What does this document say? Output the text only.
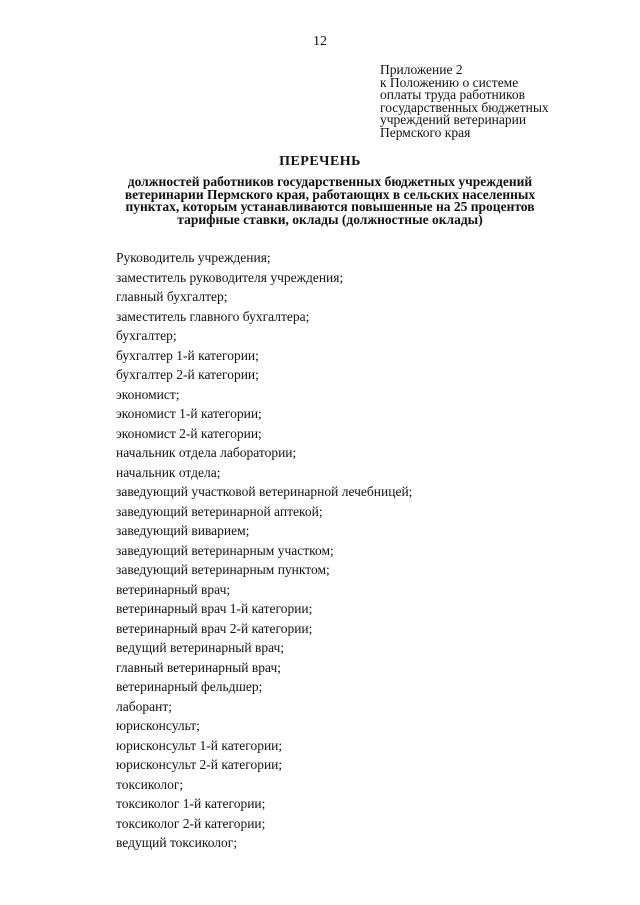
12
Приложение 2
к Положению о системе
оплаты труда работников
государственных бюджетных
учреждений ветеринарии
Пермского края
ПЕРЕЧЕНЬ
должностей работников государственных бюджетных учреждений
ветеринарии Пермского края, работающих в сельских населенных
пунктах, которым устанавливаются повышенные на 25 процентов
тарифные ставки, оклады (должностные оклады)
Руководитель учреждения;
заместитель руководителя учреждения;
главный бухгалтер;
заместитель главного бухгалтера;
бухгалтер;
бухгалтер 1-й категории;
бухгалтер 2-й категории;
экономист;
экономист 1-й категории;
экономист 2-й категории;
начальник отдела лаборатории;
начальник отдела;
заведующий участковой ветеринарной лечебницей;
заведующий ветеринарной аптекой;
заведующий виварием;
заведующий ветеринарным участком;
заведующий ветеринарным пунктом;
ветеринарный врач;
ветеринарный врач 1-й категории;
ветеринарный врач 2-й категории;
ведущий ветеринарный врач;
главный ветеринарный врач;
ветеринарный фельдшер;
лаборант;
юрисконсульт;
юрисконсульт 1-й категории;
юрисконсульт 2-й категории;
токсиколог;
токсиколог 1-й категории;
токсиколог 2-й категории;
ведущий токсиколог;
